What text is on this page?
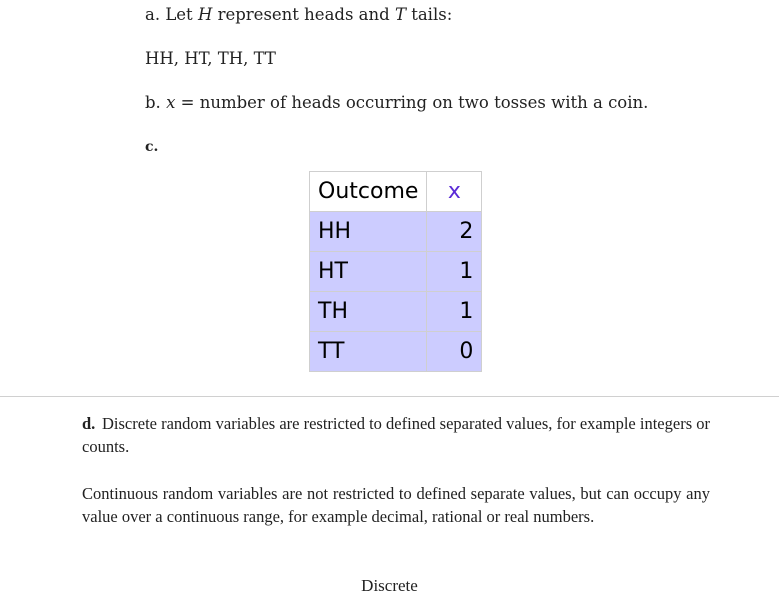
a. Let H represent heads and T tails:
HH, HT, TH, TT
b. x = number of heads occurring on two tosses with a coin.
c.
Outcome	x
HH	2
HT	1
TH	1
TT	0
d. Discrete random variables are restricted to defined separated values, for example integers or counts.
Continuous random variables are not restricted to defined separate values, but can occupy any value over a continuous range, for example decimal, rational or real numbers.
Discrete
